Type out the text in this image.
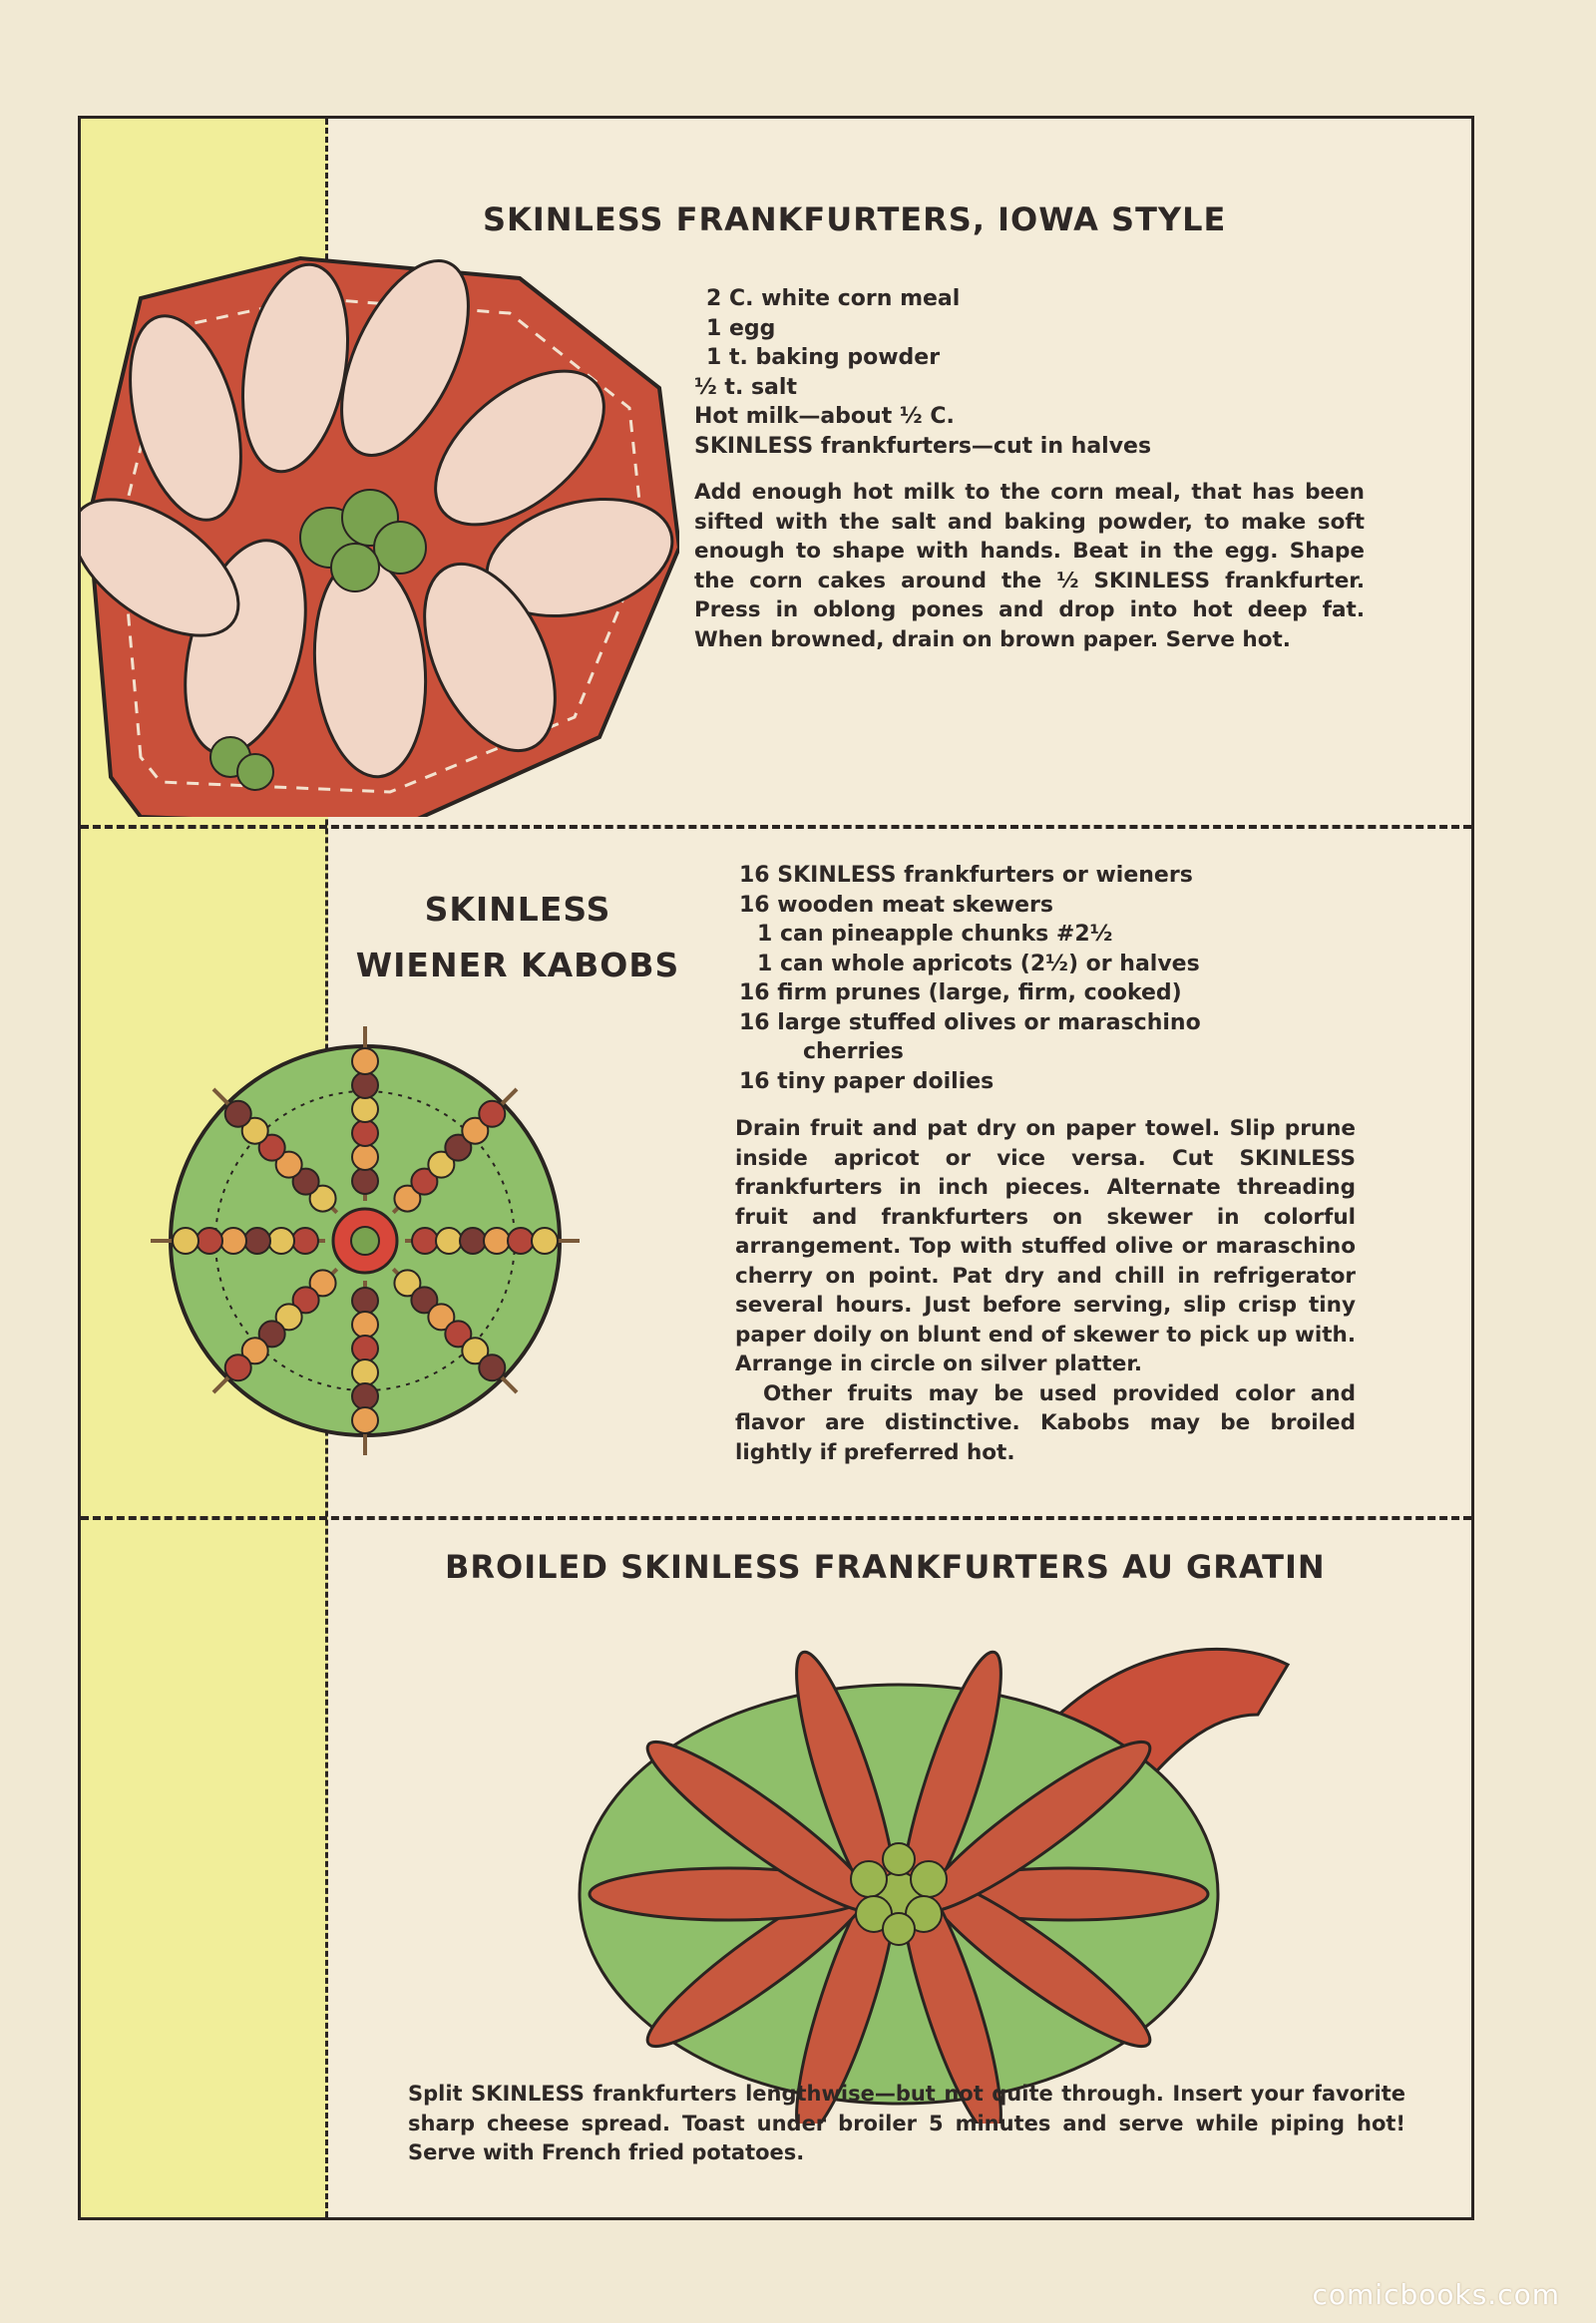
SKINLESS FRANKFURTERS, IOWA STYLE
2 C. white corn meal
1 egg
1 t. baking powder
½ t. salt
Hot milk—about ½ C.
SKINLESS frankfurters—cut in halves

Add enough hot milk to the corn meal, that has been sifted with the salt and baking powder, to make soft enough to shape with hands. Beat in the egg. Shape the corn cakes around the ½ SKINLESS frankfurter. Press in oblong pones and drop into hot deep fat. When browned, drain on brown paper. Serve hot.

SKINLESS
WIENER KABOBS
16 SKINLESS frankfurters or wieners
16 wooden meat skewers
1 can pineapple chunks #2½
1 can whole apricots (2½) or halves
16 firm prunes (large, firm, cooked)
16 large stuffed olives or maraschino
cherries
16 tiny paper doilies

Drain fruit and pat dry on paper towel. Slip prune inside apricot or vice versa. Cut SKINLESS frankfurters in inch pieces. Alternate threading fruit and frankfurters on skewer in colorful arrangement. Top with stuffed olive or maraschino cherry on point. Pat dry and chill in refrigerator several hours. Just before serving, slip crisp tiny paper doily on blunt end of skewer to pick up with. Arrange in circle on silver platter.

Other fruits may be used provided color and flavor are distinctive. Kabobs may be broiled lightly if preferred hot.

BROILED SKINLESS FRANKFURTERS AU GRATIN

Split SKINLESS frankfurters lengthwise—but not quite through. Insert your favorite sharp cheese spread. Toast under broiler 5 minutes and serve while piping hot! Serve with French fried potatoes.

comicbooks.com
